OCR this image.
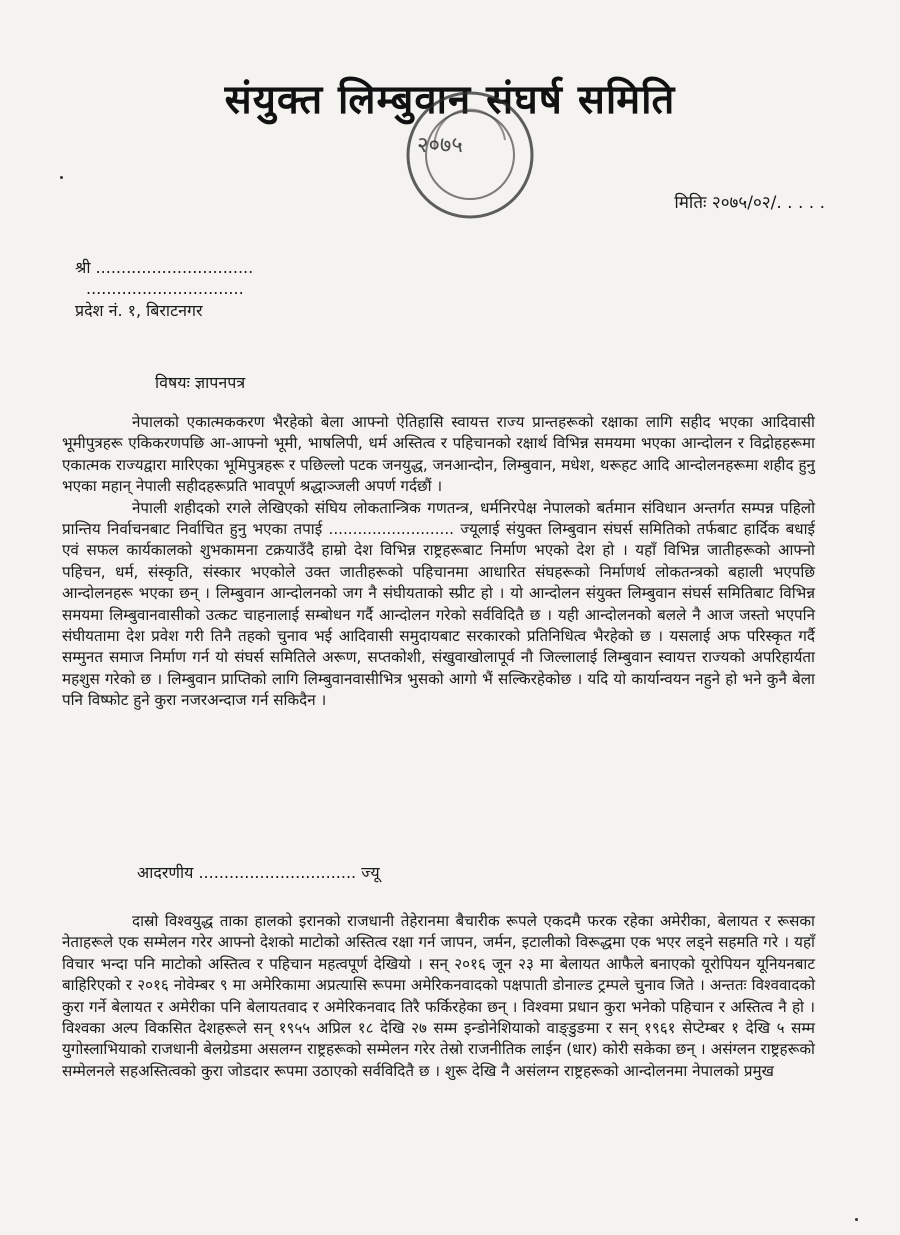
संयुक्त लिम्बुवान संघर्ष समिति
२०७५
मितिः २०७५/०२/. . . . .
श्री ...............................
...............................
प्रदेश नं. १, बिराटनगर
विषयः ज्ञापनपत्र

नेपालको एकात्मककरण भैरहेको बेला आफ्नो ऐतिहासि स्वायत्त राज्य प्रान्तहरूको रक्षाका लागि सहीद भएका आदिवासी भूमीपुत्रहरू एकिकरणपछि आ-आफ्नो भूमी, भाषलिपी, धर्म अस्तित्व र पहिचानको रक्षार्थ विभिन्न समयमा भएका आन्दोलन र विद्रोहहरूमा एकात्मक राज्यद्वारा मारिएका भूमिपुत्रहरू र पछिल्लो पटक जनयुद्ध, जनआन्दोन, लिम्बुवान, मधेश, थरूहट आदि आन्दोलनहरूमा शहीद हुनु भएका महान् नेपाली सहीदहरूप्रति भावपूर्ण श्रद्धाञ्जली अपर्ण गर्दछौं ।

नेपाली शहीदको रगले लेखिएको संघिय लोकतान्त्रिक गणतन्त्र, धर्मनिरपेक्ष नेपालको बर्तमान संविधान अन्तर्गत सम्पन्न पहिलो प्रान्तिय निर्वाचनबाट निर्वाचित हुनु भएका तपाई .......................... ज्यूलाई संयुक्त लिम्बुवान संघर्स समितिको तर्फबाट हार्दिक बधाई एवं सफल कार्यकालको शुभकामना टक्रयाउँदै हाम्रो देश विभिन्न राष्ट्रहरूबाट निर्माण भएको देश हो । यहाँ विभिन्न जातीहरूको आफ्नो पहिचन, धर्म, संस्कृति, संस्कार भएकोले उक्त जातीहरूको पहिचानमा आधारित संघहरूको निर्माणर्थ लोकतन्त्रको बहाली भएपछि आन्दोलनहरू भएका छन् । लिम्बुवान आन्दोलनको जग नै संघीयताको स्प्रीट हो । यो आन्दोलन संयुक्त लिम्बुवान संघर्स समितिबाट विभिन्न समयमा लिम्बुवानवासीको उत्कट चाहनालाई सम्बोधन गर्दै आन्दोलन गरेको सर्वविदितै छ । यही आन्दोलनको बलले नै आज जस्तो भएपनि संघीयतामा देश प्रवेश गरी तिनै तहको चुनाव भई आदिवासी समुदायबाट सरकारको प्रतिनिधित्व भैरहेको छ । यसलाई अफ परिस्कृत गर्दै सम्मुनत समाज निर्माण गर्न यो संघर्स समितिले अरूण, सप्तकोशी, संखुवाखोलापूर्व नौ जिल्लालाई लिम्बुवान स्वायत्त राज्यको अपरिहार्यता महशुस गरेको छ । लिम्बुवान प्राप्तिको लागि लिम्बुवानवासीभित्र भुसको आगो भैं सल्किरहेकोछ । यदि यो कार्यान्वयन नहुने हो भने कुनै बेला पनि विष्फोट हुने कुरा नजरअन्दाज गर्न सकिदैन ।

आदरणीय ............................... ज्यू

दास्रो विश्वयुद्ध ताका हालको इरानको राजधानी तेहेरानमा बैचारीक रूपले एकदमै फरक रहेका अमेरीका, बेलायत र रूसका नेताहरूले एक सम्मेलन गरेर आफ्नो देशको माटोको अस्तित्व रक्षा गर्न जापन, जर्मन, इटालीको विरूद्धमा एक भएर लड्ने सहमति गरे । यहाँ विचार भन्दा पनि माटोको अस्तित्व र पहिचान महत्वपूर्ण देखियो । सन् २०१६ जून २३ मा बेलायत आफैले बनाएको यूरोपियन यूनियनबाट बाहिरिएको र २०१६ नोवेम्बर ९ मा अमेरिकामा अप्रत्यासि रूपमा अमेरिकनवादको पक्षपाती डोनाल्ड ट्रम्पले चुनाव जिते । अन्ततः विश्ववादको कुरा गर्ने बेलायत र अमेरीका पनि बेलायतवाद र अमेरिकनवाद तिरै फर्किरहेका छन् । विश्वमा प्रधान कुरा भनेको पहिचान र अस्तित्व नै हो । विश्वका अल्प विकसित देशहरूले सन् १९५५ अप्रिल १८ देखि २७ सम्म इन्डोनेशियाको वाङ्डुङमा र सन् १९६१ सेप्टेम्बर १ देखि ५ सम्म युगोस्लाभियाको राजधानी बेलग्रेडमा असलग्न राष्ट्रहरूको सम्मेलन गरेर तेस्रो राजनीतिक लाईन (धार) कोरी सकेका छन् । असंग्लन राष्ट्रहरूको सम्मेलनले सहअस्तित्वको कुरा जोडदार रूपमा उठाएको सर्वविदितै छ । शुरू देखि नै असंलग्न राष्ट्रहरूको आन्दोलनमा नेपालको प्रमुख
